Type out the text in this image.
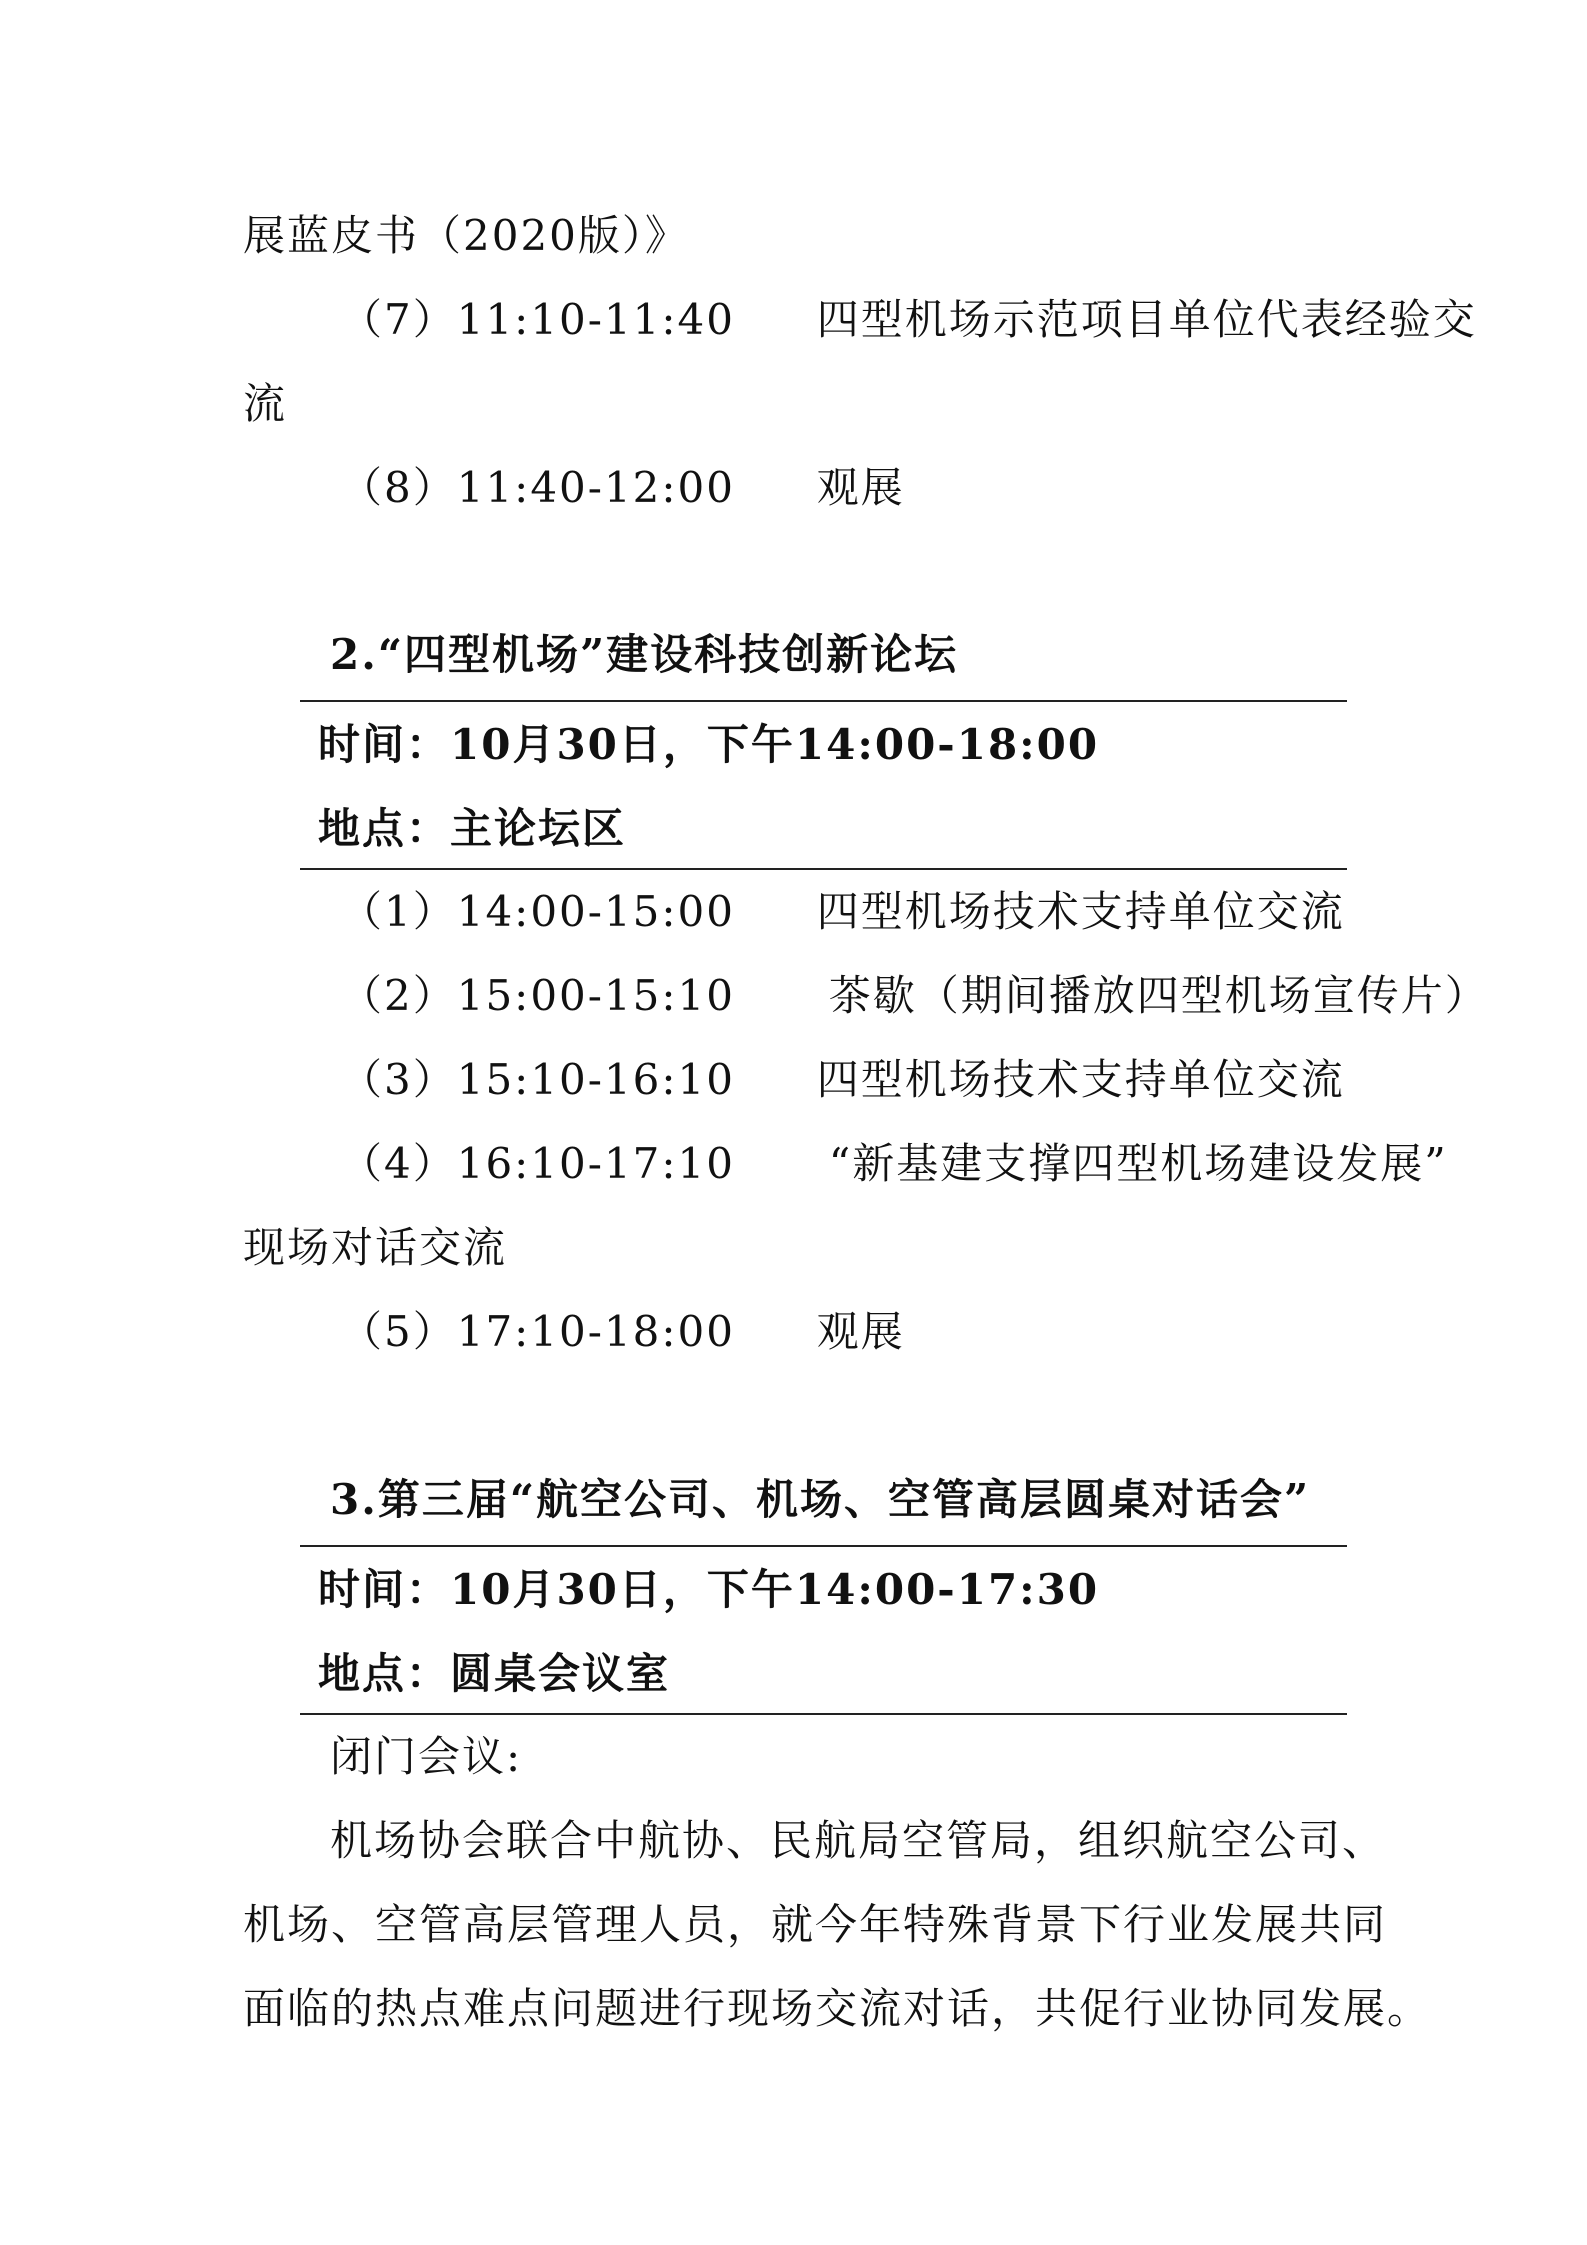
展蓝皮书（2020版）》
（7）11:10-11:40 四型机场示范项目单位代表经验交
流
（8）11:40-12:00 观展
2.“四型机场”建设科技创新论坛
时间：10月30日，下午14:00-18:00
地点：主论坛区
（1）14:00-15:00 四型机场技术支持单位交流
（2）15:00-15:10 茶歇（期间播放四型机场宣传片）
（3）15:10-16:10 四型机场技术支持单位交流
（4）16:10-17:10 “新基建支撑四型机场建设发展”
现场对话交流
（5）17:10-18:00 观展
3.第三届“航空公司、机场、空管高层圆桌对话会”
时间：10月30日，下午14:00-17:30
地点：圆桌会议室
闭门会议:
机场协会联合中航协、民航局空管局，组织航空公司、
机场、空管高层管理人员，就今年特殊背景下行业发展共同
面临的热点难点问题进行现场交流对话，共促行业协同发展。
